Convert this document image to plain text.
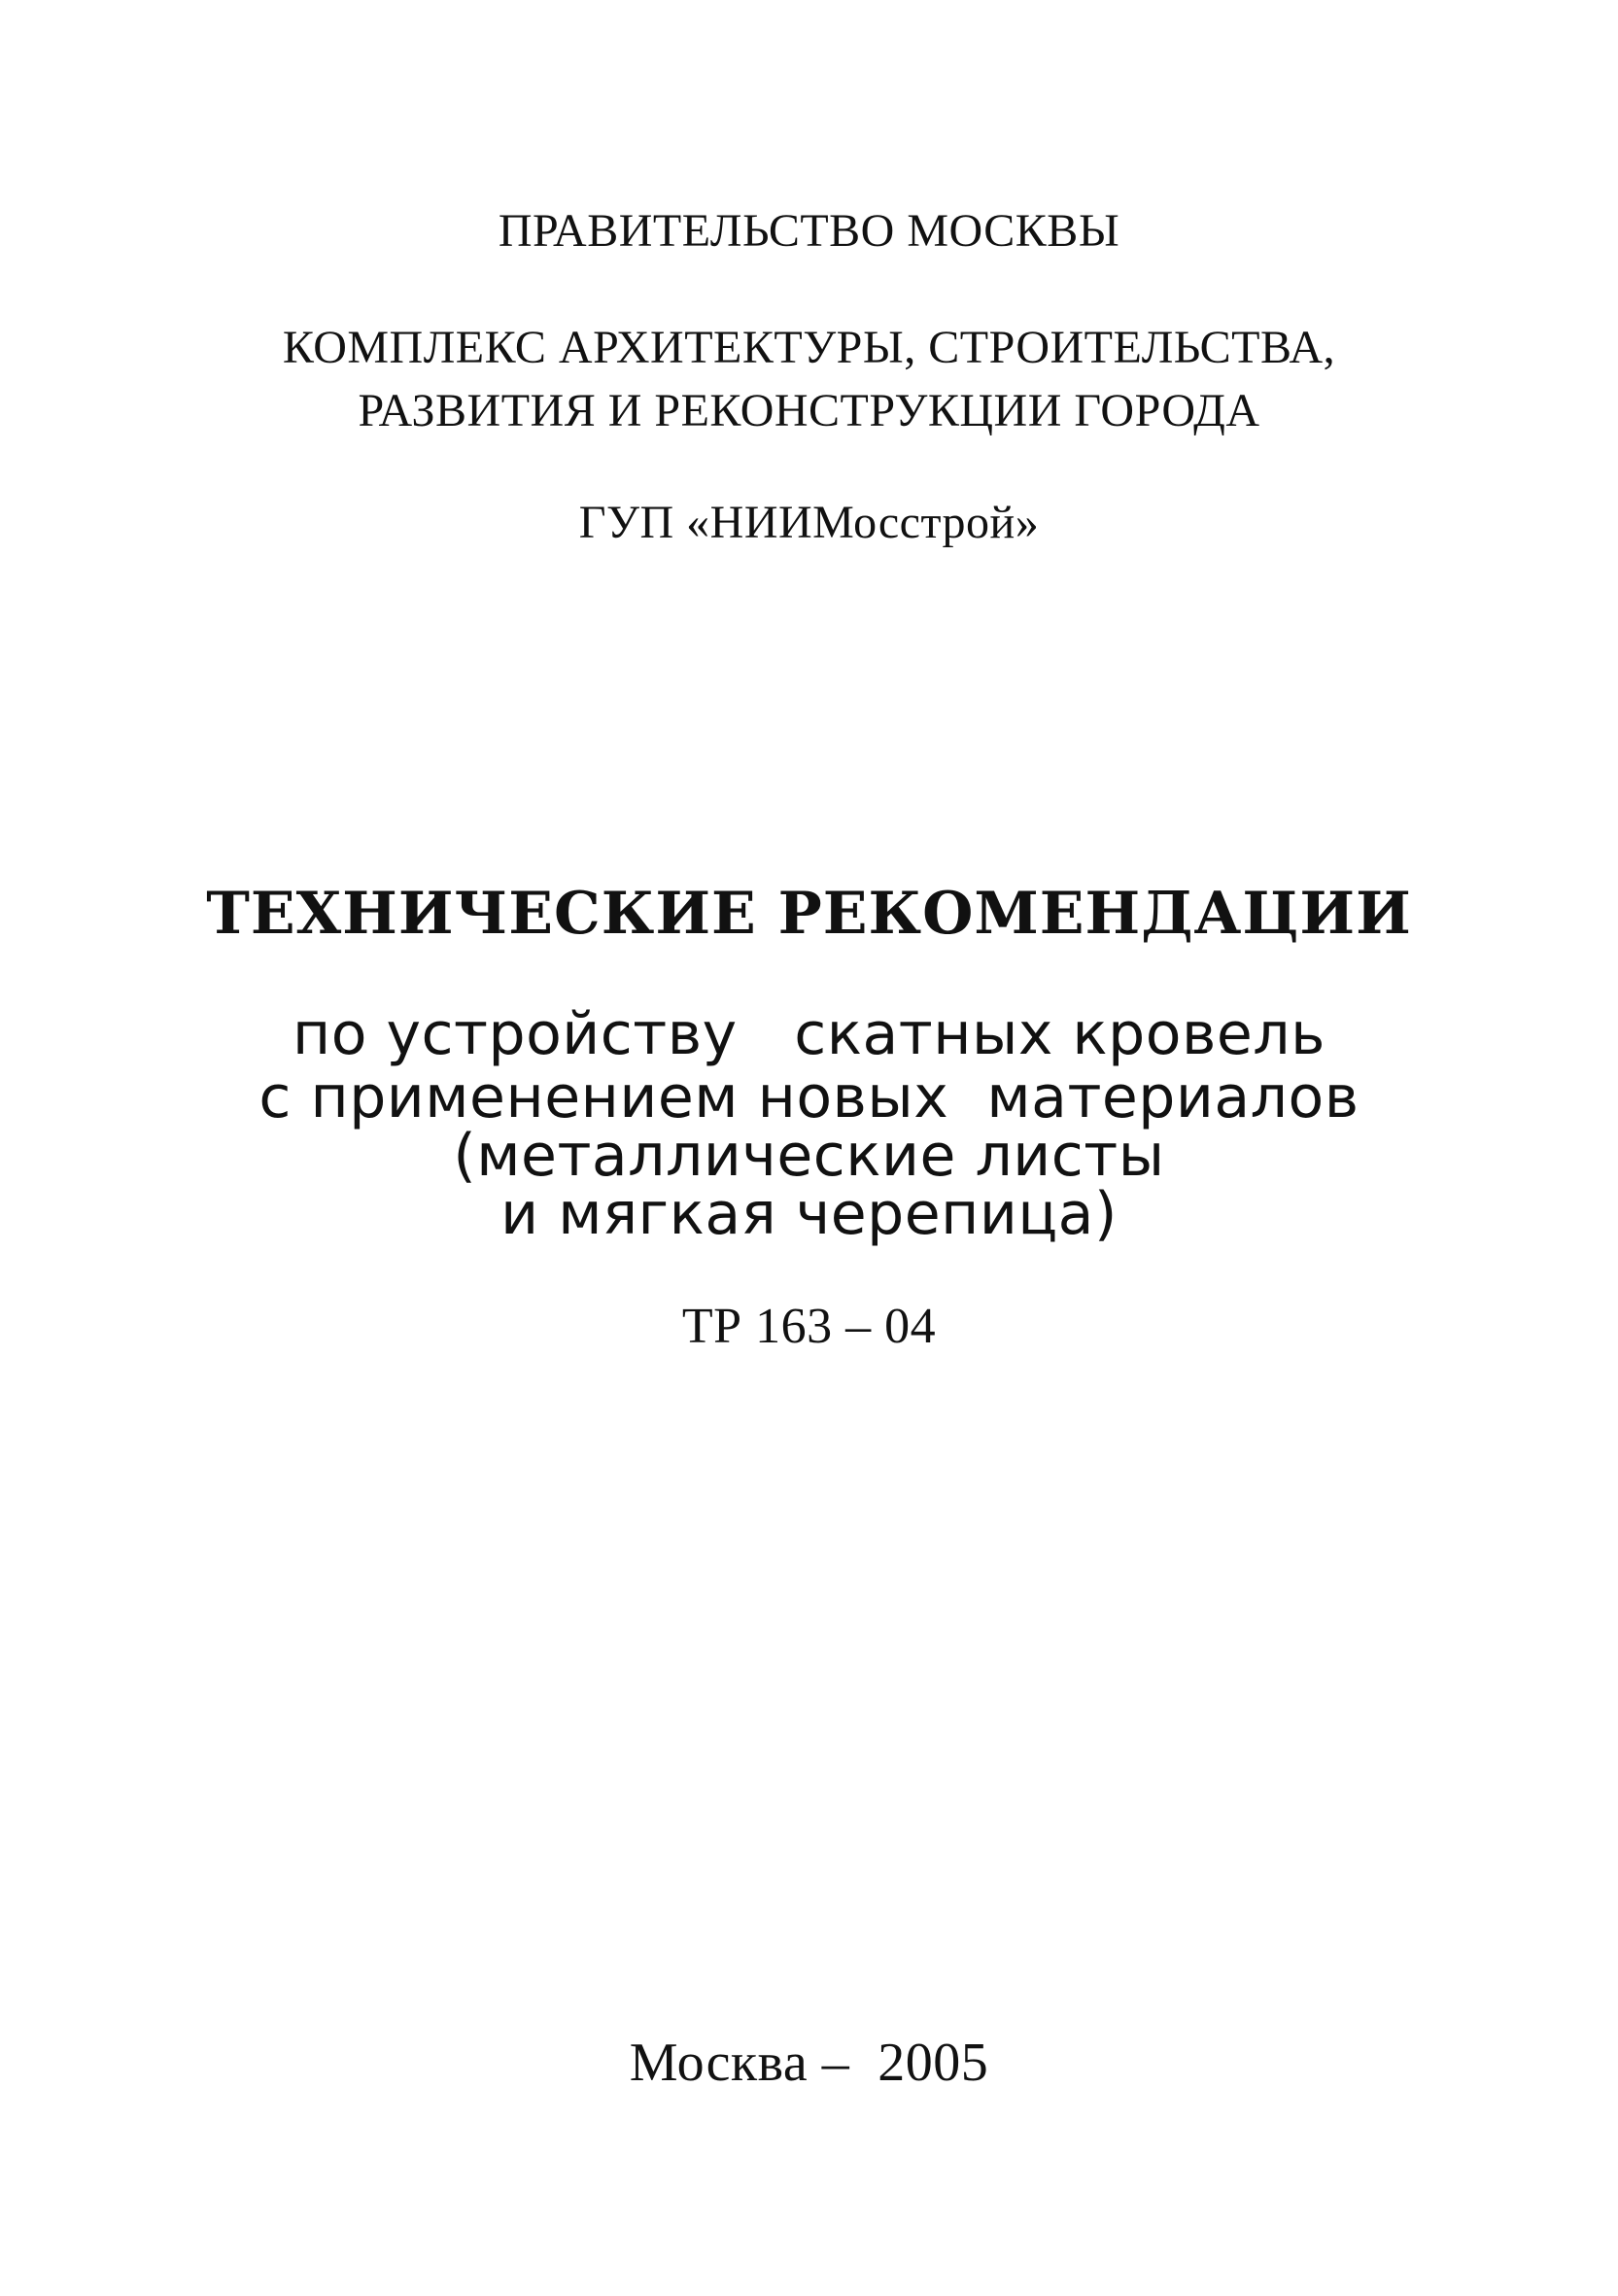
ПРАВИТЕЛЬСТВО МОСКВЫ
КОМПЛЕКС АРХИТЕКТУРЫ, СТРОИТЕЛЬСТВА,
РАЗВИТИЯ И РЕКОНСТРУКЦИИ ГОРОДА
ГУП «НИИМосстрой»
ТЕХНИЧЕСКИЕ РЕКОМЕНДАЦИИ
по устройству   скатных кровель
с применением новых  материалов
(металлические листы
и мягкая черепица)
ТР 163 – 04
Москва –  2005
